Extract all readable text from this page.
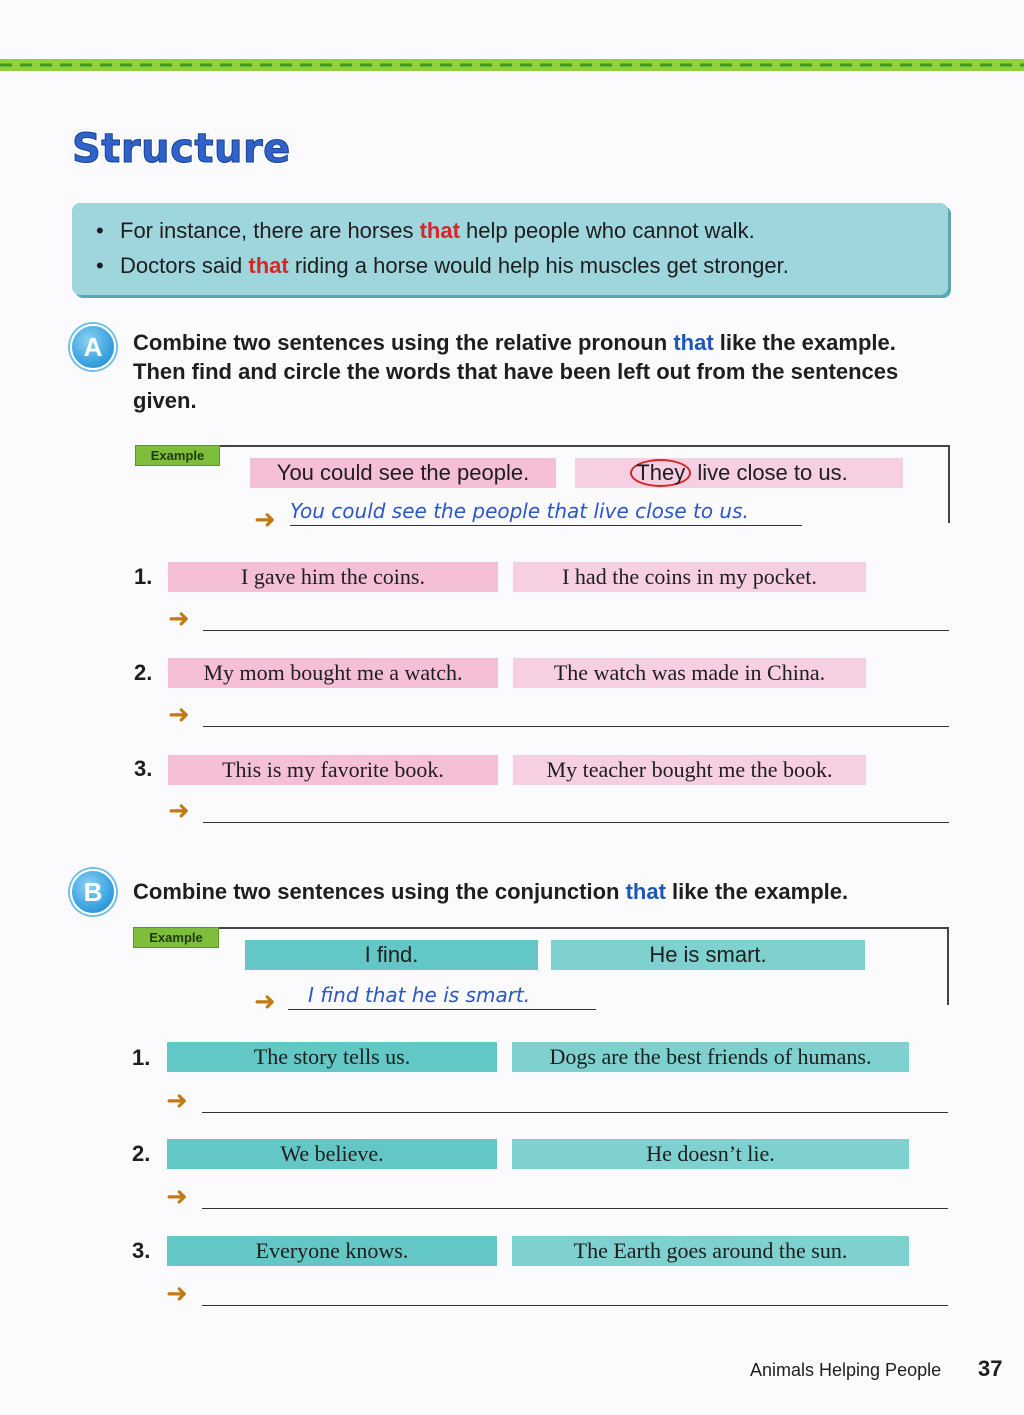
Structure
• For instance, there are horses that help people who cannot walk.
• Doctors said that riding a horse would help his muscles get stronger.
A	Combine two sentences using the relative pronoun that like the example. Then find and circle the words that have been left out from the sentences given.
Example
You could see the people.	They live close to us.
➜ You could see the people that live close to us.
1.	I gave him the coins.	I had the coins in my pocket.
➜
2.	My mom bought me a watch.	The watch was made in China.
➜
3.	This is my favorite book.	My teacher bought me the book.
➜
B	Combine two sentences using the conjunction that like the example.
Example
I find.	He is smart.
➜	I find that he is smart.
1.	The story tells us.	Dogs are the best friends of humans.
➜
2.	We believe.	He doesn’t lie.
➜
3.	Everyone knows.	The Earth goes around the sun.
➜
Animals Helping People 37
